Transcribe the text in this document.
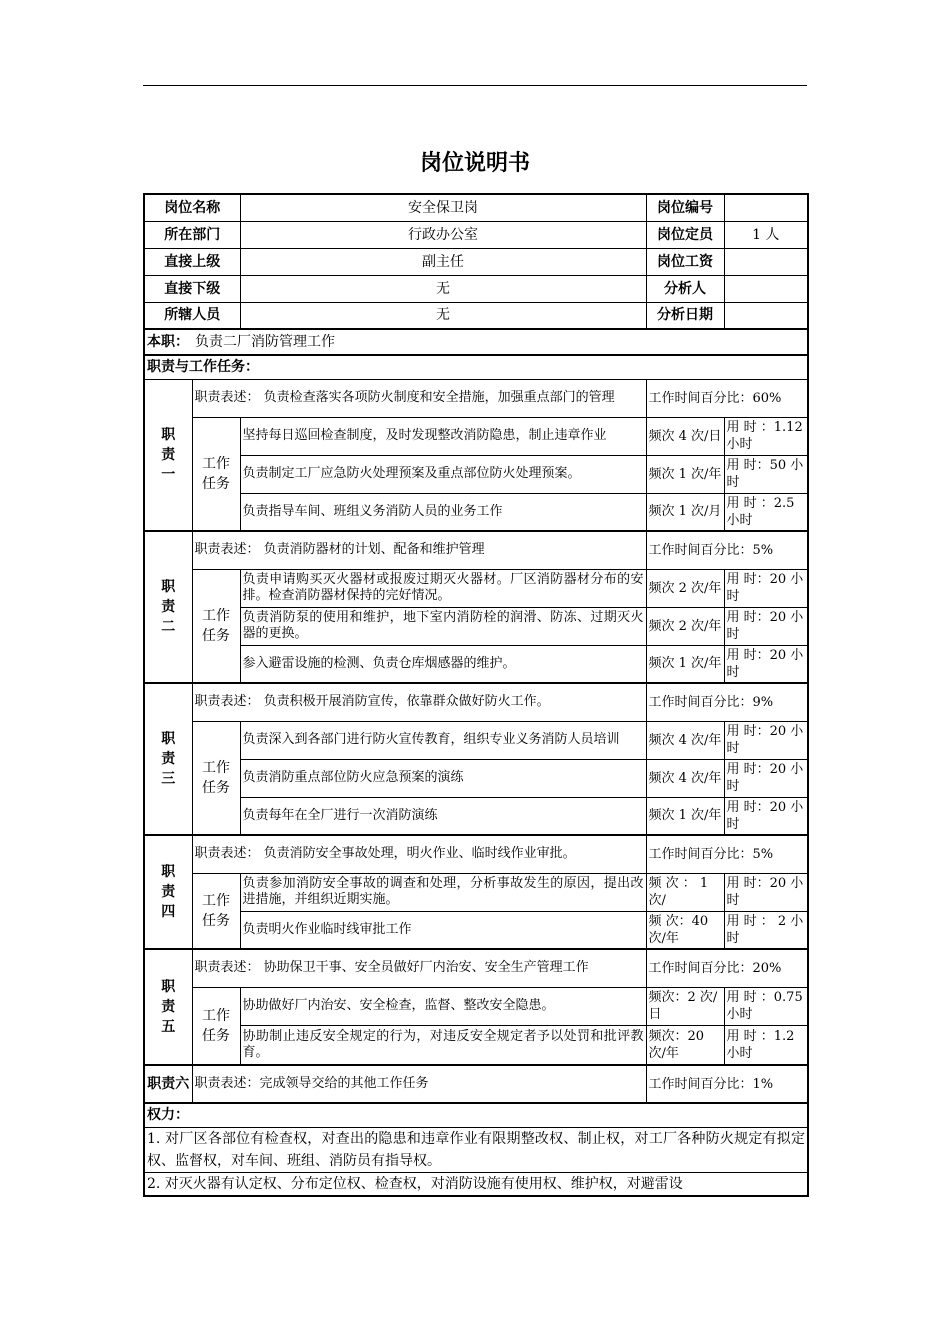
岗位说明书
岗位名称		安全保卫岗	岗位编号	
所在部门		行政办公室	岗位定员	1 人
直接上级		副主任	岗位工资	
直接下级		无	分析人	
所辖人员		无	分析日期	
本职： 负责二厂消防管理工作				
职责与工作任务：				

职责一	职责表述： 负责检查落实各项防火制度和安全措施，加强重点部门的管理		工作时间百分比：60%	

	工作任务	坚持每日巡回检查制度，及时发现整改消防隐患，制止违章作业	频次 4 次/日	用 时 ：1.12 小时
		负责制定工厂应急防火处理预案及重点部位防火处理预案。	频次 1 次/年	用 时：50 小时
		负责指导车间、班组义务消防人员的业务工作	频次 1 次/月	用 时 ：2.5 小时

职责二	职责表述： 负责消防器材的计划、配备和维护管理		工作时间百分比：5%	

	工作任务	负责申请购买灭火器材或报废过期灭火器材。厂区消防器材分布的安排。检查消防器材保持的完好情况。	频次 2 次/年	用 时：20 小时
		负责消防泵的使用和维护，地下室内消防栓的润滑、防冻、过期灭火器的更换。	频次 2 次/年	用 时：20 小时
		参入避雷设施的检测、负责仓库烟感器的维护。	频次 1 次/年	用 时：20 小时

职责三	职责表述： 负责积极开展消防宣传，依靠群众做好防火工作。		工作时间百分比：9%	

	工作任务	负责深入到各部门进行防火宣传教育，组织专业义务消防人员培训	频次 4 次/年	用 时：20 小时
		负责消防重点部位防火应急预案的演练	频次 4 次/年	用 时：20 小时
		负责每年在全厂进行一次消防演练	频次 1 次/年	用 时：20 小时

职责四	职责表述： 负责消防安全事故处理，明火作业、临时线作业审批。		工作时间百分比：5%	

	工作任务	负责参加消防安全事故的调查和处理，分析事故发生的原因，提出改进措施，并组织近期实施。	频 次 ： 1 次/	用 时：20 小时
		负责明火作业临时线审批工作	频 次：40 次/年	用 时 ： 2 小时

职责五	职责表述： 协助保卫干事、安全员做好厂内治安、安全生产管理工作		工作时间百分比：20%	

	工作任务	协助做好厂内治安、安全检查，监督、整改安全隐患。	频次：2 次/日	用 时 ：0.75 小时
		协助制止违反安全规定的行为，对违反安全规定者予以处罚和批评教育。	频次：20 次/年	用 时 ：1.2 小时

职责六	职责表述：完成领导交给的其他工作任务		工作时间百分比：1%	
权力：				
1. 对厂区各部位有检查权，对查出的隐患和违章作业有限期整改权、制止权，对工厂各种防火规定有拟定权、监督权，对车间、班组、消防员有指导权。				
2. 对灭火器有认定权、分布定位权、检查权，对消防设施有使用权、维护权，对避雷设				
